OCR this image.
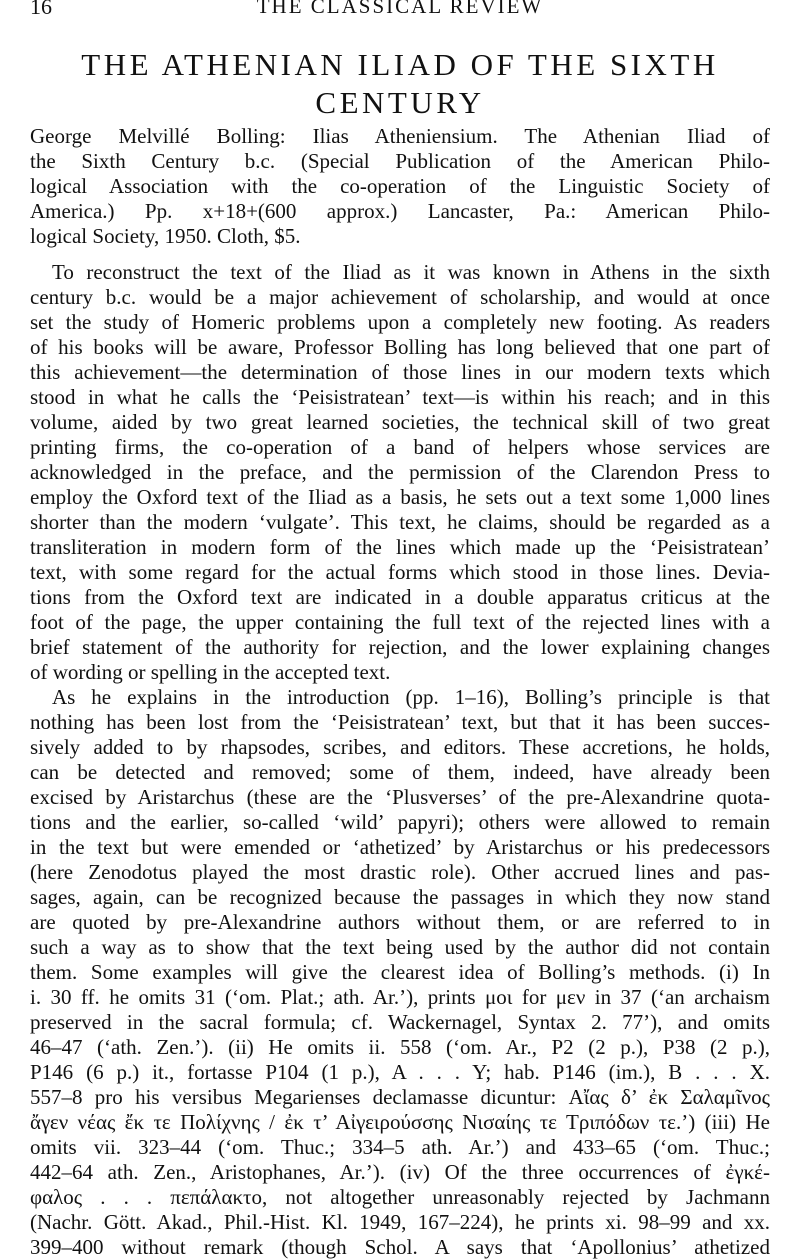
16	THE CLASSICAL REVIEW
THE ATHENIAN ILIAD OF THE SIXTH
CENTURY
George Melvillé Bolling: Ilias Atheniensium. The Athenian Iliad of
the Sixth Century b.c. (Special Publication of the American Philo-
logical Association with the co-operation of the Linguistic Society of
America.) Pp. x+18+(600 approx.) Lancaster, Pa.: American Philo-
logical Society, 1950. Cloth, $5.
To reconstruct the text of the Iliad as it was known in Athens in the sixth
century b.c. would be a major achievement of scholarship, and would at once
set the study of Homeric problems upon a completely new footing. As readers
of his books will be aware, Professor Bolling has long believed that one part of
this achievement—the determination of those lines in our modern texts which
stood in what he calls the ‘Peisistratean’ text—is within his reach; and in this
volume, aided by two great learned societies, the technical skill of two great
printing firms, the co-operation of a band of helpers whose services are
acknowledged in the preface, and the permission of the Clarendon Press to
employ the Oxford text of the Iliad as a basis, he sets out a text some 1,000 lines
shorter than the modern ‘vulgate’. This text, he claims, should be regarded as a
transliteration in modern form of the lines which made up the ‘Peisistratean’
text, with some regard for the actual forms which stood in those lines. Devia-
tions from the Oxford text are indicated in a double apparatus criticus at the
foot of the page, the upper containing the full text of the rejected lines with a
brief statement of the authority for rejection, and the lower explaining changes
of wording or spelling in the accepted text.
As he explains in the introduction (pp. 1–16), Bolling’s principle is that
nothing has been lost from the ‘Peisistratean’ text, but that it has been succes-
sively added to by rhapsodes, scribes, and editors. These accretions, he holds,
can be detected and removed; some of them, indeed, have already been
excised by Aristarchus (these are the ‘Plusverses’ of the pre-Alexandrine quota-
tions and the earlier, so-called ‘wild’ papyri); others were allowed to remain
in the text but were emended or ‘athetized’ by Aristarchus or his predecessors
(here Zenodotus played the most drastic role). Other accrued lines and pas-
sages, again, can be recognized because the passages in which they now stand
are quoted by pre-Alexandrine authors without them, or are referred to in
such a way as to show that the text being used by the author did not contain
them. Some examples will give the clearest idea of Bolling’s methods. (i) In
i. 30 ff. he omits 31 (‘om. Plat.; ath. Ar.’), prints μοι for μεν in 37 (‘an archaism
preserved in the sacral formula; cf. Wackernagel, Syntax 2. 77’), and omits
46–47 (‘ath. Zen.’). (ii) He omits ii. 558 (‘om. Ar., P2 (2 p.), P38 (2 p.),
P146 (6 p.) it., fortasse P104 (1 p.), A . . . Y; hab. P146 (im.), B . . . X.
557–8 pro his versibus Megarienses declamasse dicuntur: Αἴας δ’ ἐκ Σαλαμῖνος
ἄγεν νέας ἔκ τε Πολίχνης / ἐκ τ’ Αἰγειρούσσης Νισαίης τε Τριπόδων τε.’) (iii) He
omits vii. 323–44 (‘om. Thuc.; 334–5 ath. Ar.’) and 433–65 (‘om. Thuc.;
442–64 ath. Zen., Aristophanes, Ar.’). (iv) Of the three occurrences of ἐγκέ-
φαλος . . . πεπάλακτο, not altogether unreasonably rejected by Jachmann
(Nachr. Gött. Akad., Phil.-Hist. Kl. 1949, 167–224), he prints xi. 98–99 and xx.
399–400 without remark (though Schol. A says that ‘Apollonius’ athetized
